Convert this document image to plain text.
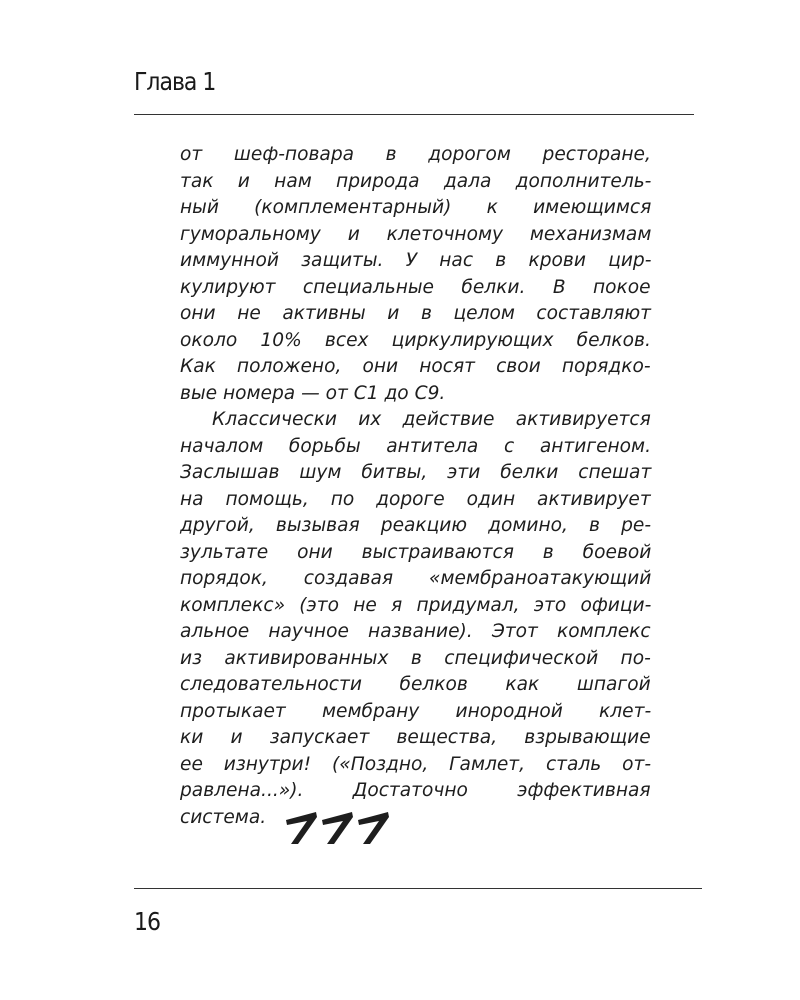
Глава 1
от шеф-повара в дорогом ресторане,
так и нам природа дала дополнитель-
ный (комплементарный) к имеющимся
гуморальному и клеточному механизмам
иммунной защиты. У нас в крови цир-
кулируют специальные белки. В покое
они не активны и в целом составляют
около 10% всех циркулирующих белков.
Как положено, они носят свои порядко-
вые номера — от С1 до С9.
Классически их действие активируется
началом борьбы антитела с антигеном.
Заслышав шум битвы, эти белки спешат
на помощь, по дороге один активирует
другой, вызывая реакцию домино, в ре-
зультате они выстраиваются в боевой
порядок, создавая «мембраноатакующий
комплекс» (это не я придумал, это офици-
альное научное название). Этот комплекс
из активированных в специфической по-
следовательности белков как шпагой
протыкает мембрану инородной клет-
ки и запускает вещества, взрывающие
ее изнутри! («Поздно, Гамлет, сталь от-
равлена...»). Достаточно эффективная
система.
16
